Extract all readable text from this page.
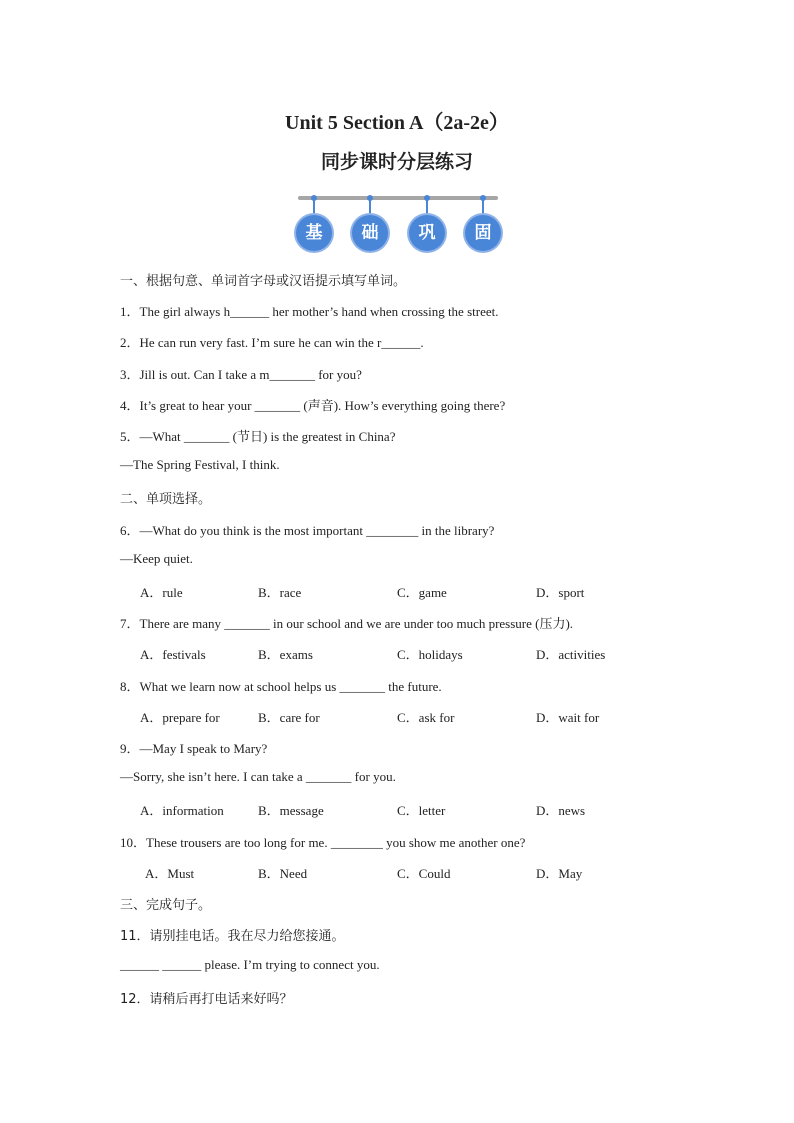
Unit 5 Section A（2a-2e）
同步课时分层练习
基	础	巩	固
一、根据句意、单词首字母或汉语提示填写单词。
1．The girl always h______ her mother’s hand when crossing the street.
2．He can run very fast. I’m sure he can win the r______.
3．Jill is out. Can I take a m_______ for you?
4．It’s great to hear your _______ (声音). How’s everything going there?
5．—What _______ (节日) is the greatest in China?
—The Spring Festival, I think.
二、单项选择。
6．—What do you think is the most important ________ in the library?
—Keep quiet.
A．rule	B．race	C．game	D．sport
7．There are many _______ in our school and we are under too much pressure (压力).
A．festivals	B．exams	C．holidays	D．activities
8．What we learn now at school helps us _______ the future.
A．prepare for	B．care for	C．ask for	D．wait for
9．—May I speak to Mary?
—Sorry, she isn’t here. I can take a _______ for you.
A．information	B．message	C．letter	D．news
10．These trousers are too long for me. ________ you show me another one?
A．Must	B．Need	C．Could	D．May
三、完成句子。
11．请别挂电话。我在尽力给您接通。
______ ______ please. I’m trying to connect you.
12．请稍后再打电话来好吗？
